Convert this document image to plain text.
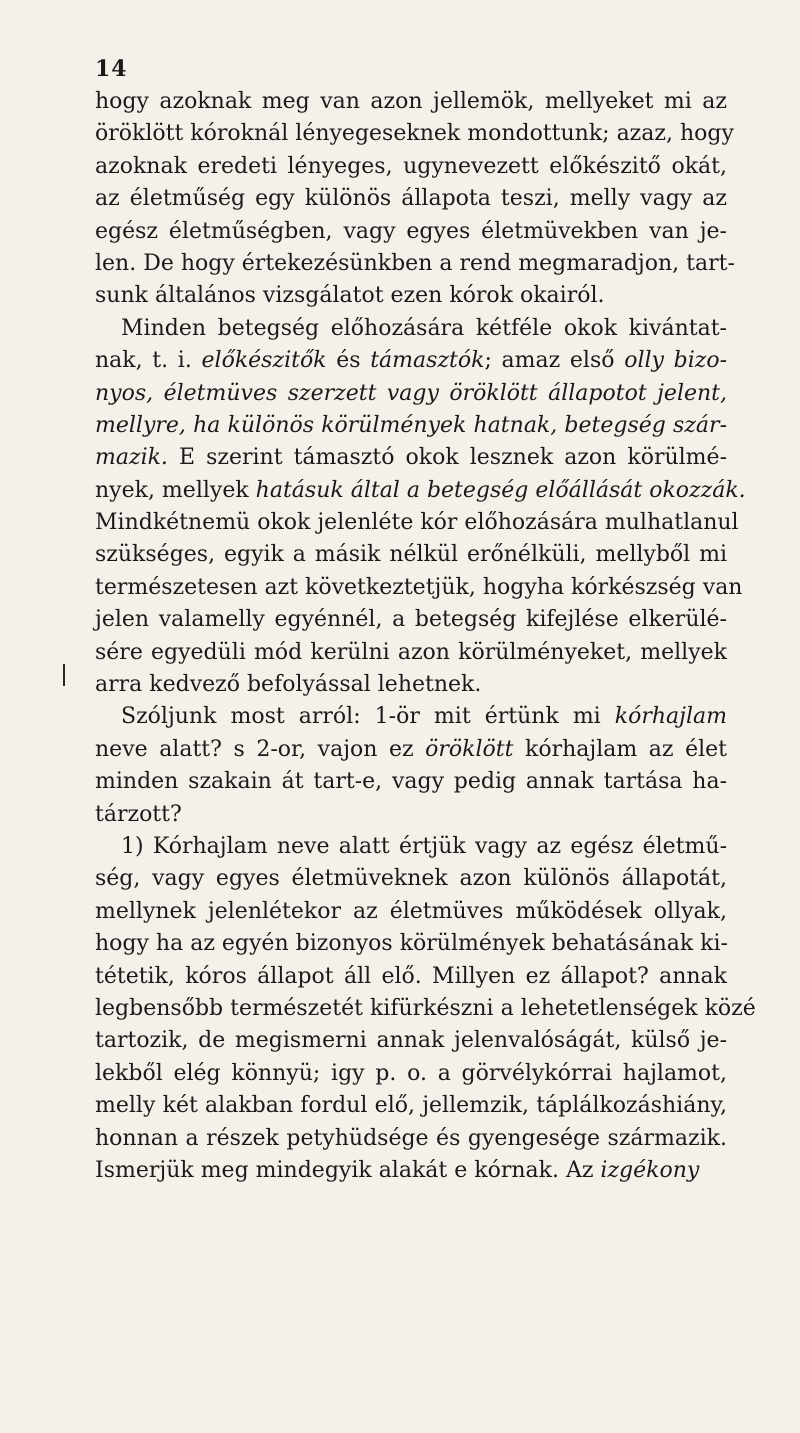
14
hogy azoknak meg van azon jellemök, mellyeket mi az
öröklött kóroknál lényegeseknek mondottunk; azaz, hogy
azoknak eredeti lényeges, ugynevezett előkészitő okát,
az életműség egy különös állapota teszi, melly vagy az
egész életműségben, vagy egyes életmüvekben van je-
len. De hogy értekezésünkben a rend megmaradjon, tart-
sunk általános vizsgálatot ezen kórok okairól.
Minden betegség előhozására kétféle okok kivántat-
nak, t. i. előkészitők és támasztók; amaz első olly bizo-
nyos, életmüves szerzett vagy öröklött állapotot jelent,
mellyre, ha különös körülmények hatnak, betegség szár-
mazik. E szerint támasztó okok lesznek azon körülmé-
nyek, mellyek hatásuk által a betegség előállását okozzák.
Mindkétnemü okok jelenléte kór előhozására mulhatlanul
szükséges, egyik a másik nélkül erőnélküli, mellyből mi
természetesen azt következtetjük, hogyha kórkészség van
jelen valamelly egyénnél, a betegség kifejlése elkerülé-
sére egyedüli mód kerülni azon körülményeket, mellyek
arra kedvező befolyással lehetnek.
Szóljunk most arról: 1-ör mit értünk mi kórhajlam
neve alatt? s 2-or, vajon ez öröklött kórhajlam az élet
minden szakain át tart-e, vagy pedig annak tartása ha-
tárzott?
1) Kórhajlam neve alatt értjük vagy az egész életmű-
ség, vagy egyes életmüveknek azon különös állapotát,
mellynek jelenlétekor az életmüves működések ollyak,
hogy ha az egyén bizonyos körülmények behatásának ki-
tétetik, kóros állapot áll elő. Millyen ez állapot? annak
legbensőbb természetét kifürkészni a lehetetlenségek közé
tartozik, de megismerni annak jelenvalóságát, külső je-
lekből elég könnyü; igy p. o. a görvélykórrai hajlamot,
melly két alakban fordul elő, jellemzik, táplálkozáshiány,
honnan a részek petyhüdsége és gyengesége származik.
Ismerjük meg mindegyik alakát e kórnak. Az izgékony
